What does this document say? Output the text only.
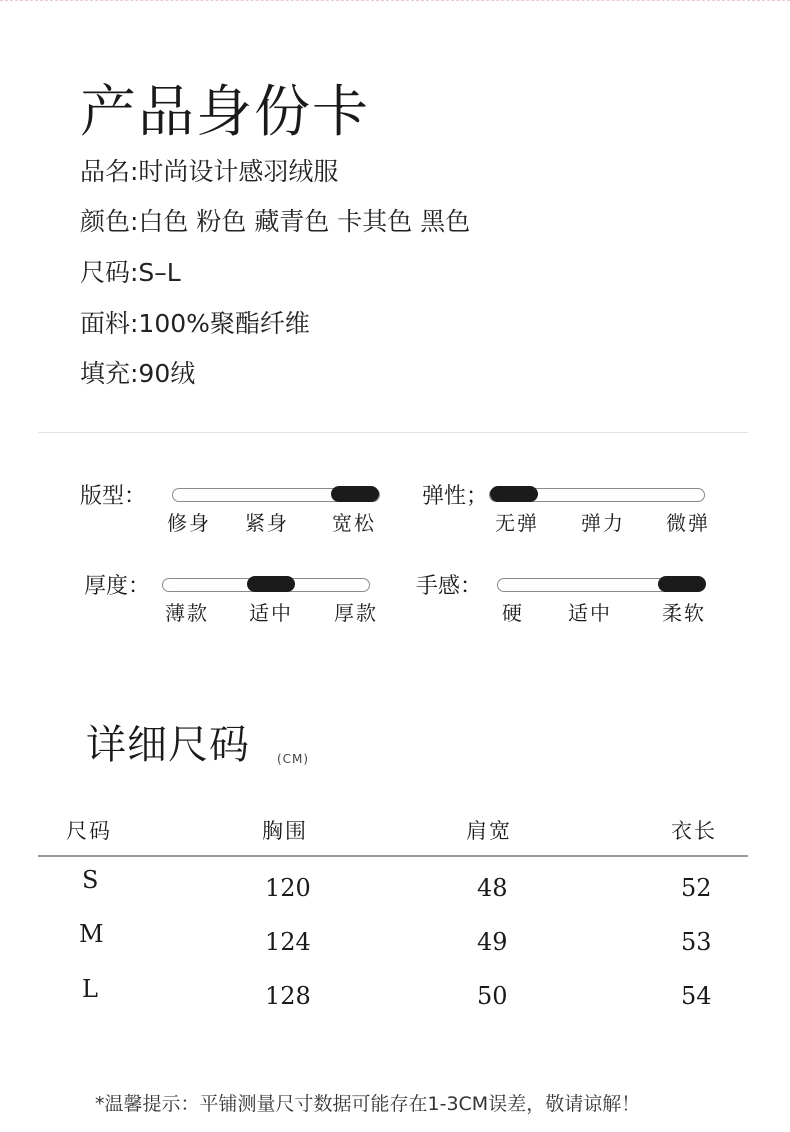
产品身份卡
品名:时尚设计感羽绒服
颜色:白色 粉色 藏青色 卡其色 黑色
尺码:S–L
面料:100%聚酯纤维
填充:90绒
版型：
修身 紧身 宽松
弹性；
无弹 弹力 微弹
厚度：
薄款 适中 厚款
手感：
硬 适中	柔软
详细尺码 (CM)
尺码	胸围	肩宽	衣长
S	120	48	52
M	124	49	53
L	128	50	54
*温馨提示：平铺测量尺寸数据可能存在1-3CM误差，敬请谅解！
